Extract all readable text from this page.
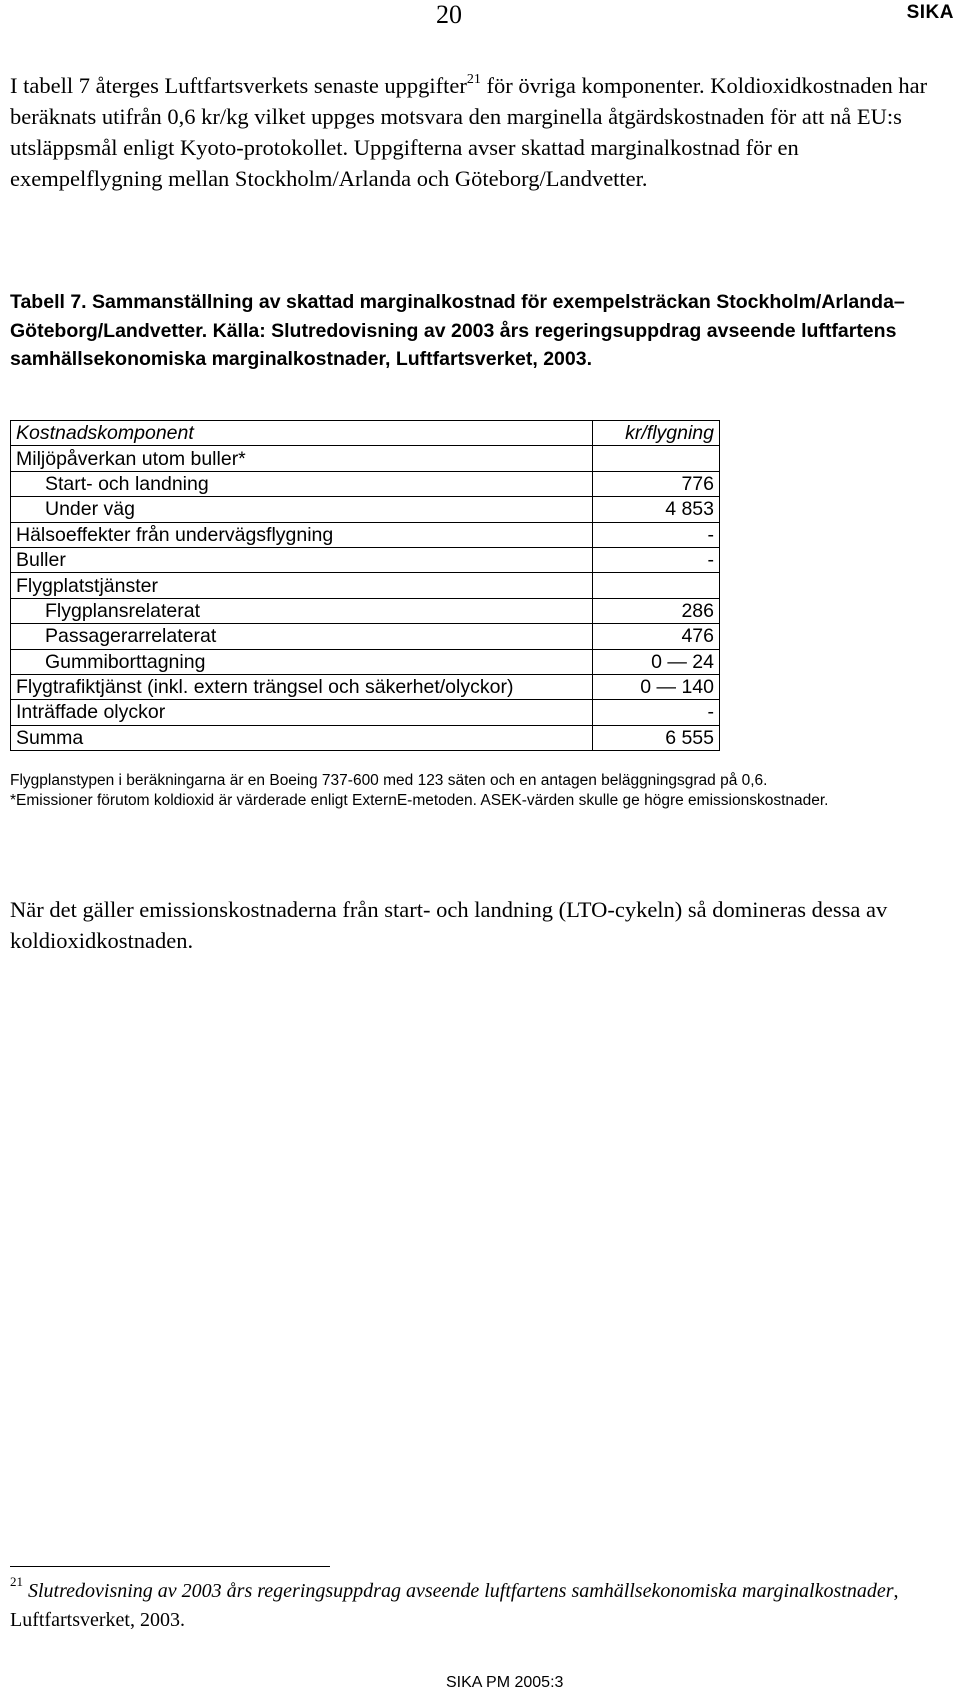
20	SIKA
I tabell 7 återges Luftfartsverkets senaste uppgifter$^{21}$ för övriga komponenter. Koldioxidkostnaden har beräknats utifrån 0,6 kr/kg vilket uppges motsvara den marginella åtgärdskostnaden för att nå EU:s utsläppsmål enligt Kyoto-protokollet. Uppgifterna avser skattad marginalkostnad för en exempelflygning mellan Stockholm/Arlanda och Göteborg/Landvetter.
Tabell 7. Sammanställning av skattad marginalkostnad för exempelsträckan Stockholm/Arlanda–Göteborg/Landvetter. Källa: Slutredovisning av 2003 års regeringsuppdrag avseende luftfartens samhällsekonomiska marginalkostnader, Luftfartsverket, 2003.
Kostnadskomponent	kr/flygning
Miljöpåverkan utom buller*	
Start- och landning	776
Under väg	4 853
Hälsoeffekter från undervägsflygning	-
Buller	-
Flygplatstjänster	
Flygplansrelaterat	286
Passagerarrelaterat	476
Gummiborttagning	0 — 24
Flygtrafiktjänst (inkl. extern trängsel och säkerhet/olyckor)	0 — 140
Inträffade olyckor	-
Summa	6 555
Flygplanstypen i beräkningarna är en Boeing 737-600 med 123 säten och en antagen beläggningsgrad på 0,6.
*Emissioner förutom koldioxid är värderade enligt ExternE-metoden. ASEK-värden skulle ge högre emissionskostnader.
När det gäller emissionskostnaderna från start- och landning (LTO-cykeln) så domineras dessa av koldioxidkostnaden.
$^{21}$ Slutredovisning av 2003 års regeringsuppdrag avseende luftfartens samhällsekonomiska marginalkostnader, Luftfartsverket, 2003.
SIKA PM 2005:3
